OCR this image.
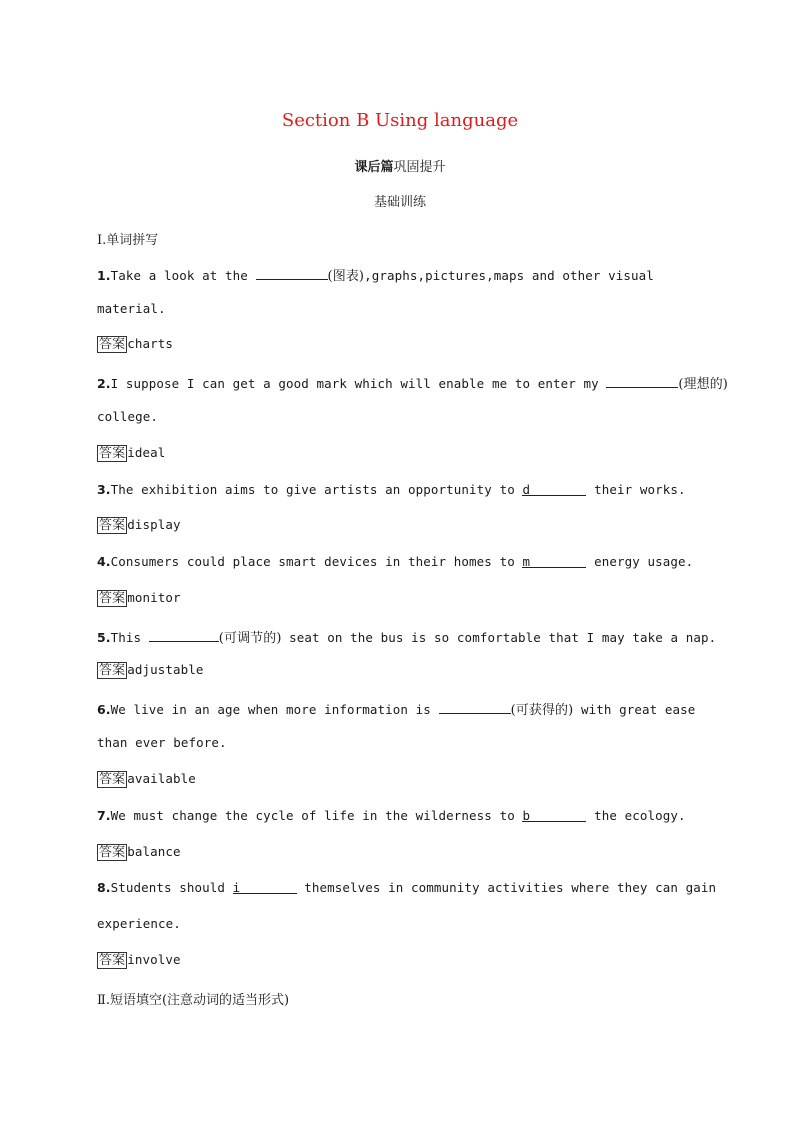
Section B Using language
课后篇巩固提升
基础训练
Ⅰ.单词拼写
1.Take a look at the	(图表),graphs,pictures,maps and other visual
material.
答案 charts
2.I suppose I can get a good mark which will enable me to enter my	(理想的)
college.
答案 ideal
3.The exhibition aims to give artists an opportunity to d	their works.
答案 display
4.Consumers could place smart devices in their homes to m	energy usage.
答案 monitor
5.This	(可调节的) seat on the bus is so comfortable that I may take a nap.
答案 adjustable
6.We live in an age when more information is	(可获得的) with great ease
than ever before.
答案 available
7.We must change the cycle of life in the wilderness to b	the ecology.
答案 balance
8.Students should i	themselves in community activities where they can gain
experience.
答案 involve
Ⅱ.短语填空(注意动词的适当形式)
